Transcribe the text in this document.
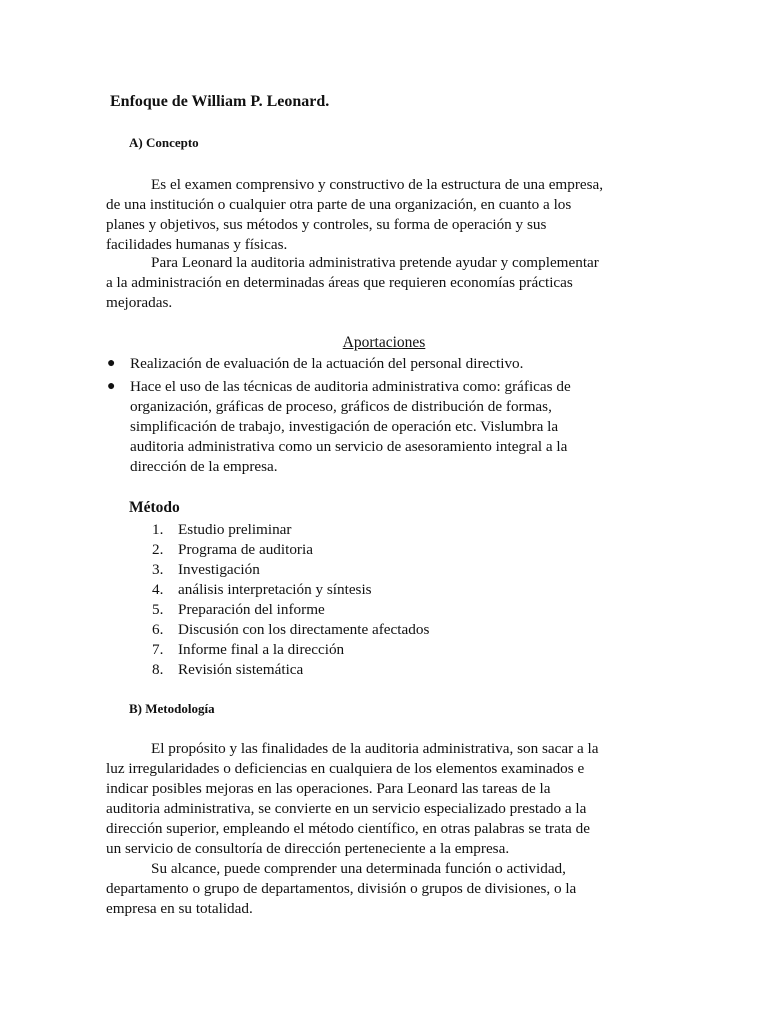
Enfoque de William P. Leonard.
A) Concepto
Es el examen comprensivo y constructivo de la estructura de una empresa,
de una institución o cualquier otra parte de una organización, en cuanto a los
planes y objetivos, sus métodos y controles, su forma de operación y sus
facilidades humanas y físicas.
Para Leonard la auditoria administrativa pretende ayudar y complementar
a la administración en determinadas áreas que requieren economías prácticas
mejoradas.
Aportaciones
● Realización de evaluación de la actuación del personal directivo.
● Hace el uso de las técnicas de auditoria administrativa como: gráficas de
organización, gráficas de proceso, gráficos de distribución de formas,
simplificación de trabajo, investigación de operación etc. Vislumbra la
auditoria administrativa como un servicio de asesoramiento integral a la
dirección de la empresa.
Método
1. Estudio preliminar
2. Programa de auditoria
3. Investigación
4. análisis interpretación y síntesis
5. Preparación del informe
6. Discusión con los directamente afectados
7. Informe final a la dirección
8. Revisión sistemática
B) Metodología
El propósito y las finalidades de la auditoria administrativa, son sacar a la
luz irregularidades o deficiencias en cualquiera de los elementos examinados e
indicar posibles mejoras en las operaciones. Para Leonard las tareas de la
auditoria administrativa, se convierte en un servicio especializado prestado a la
dirección superior, empleando el método científico, en otras palabras se trata de
un servicio de consultoría de dirección perteneciente a la empresa.
Su alcance, puede comprender una determinada función o actividad,
departamento o grupo de departamentos, división o grupos de divisiones, o la
empresa en su totalidad.
